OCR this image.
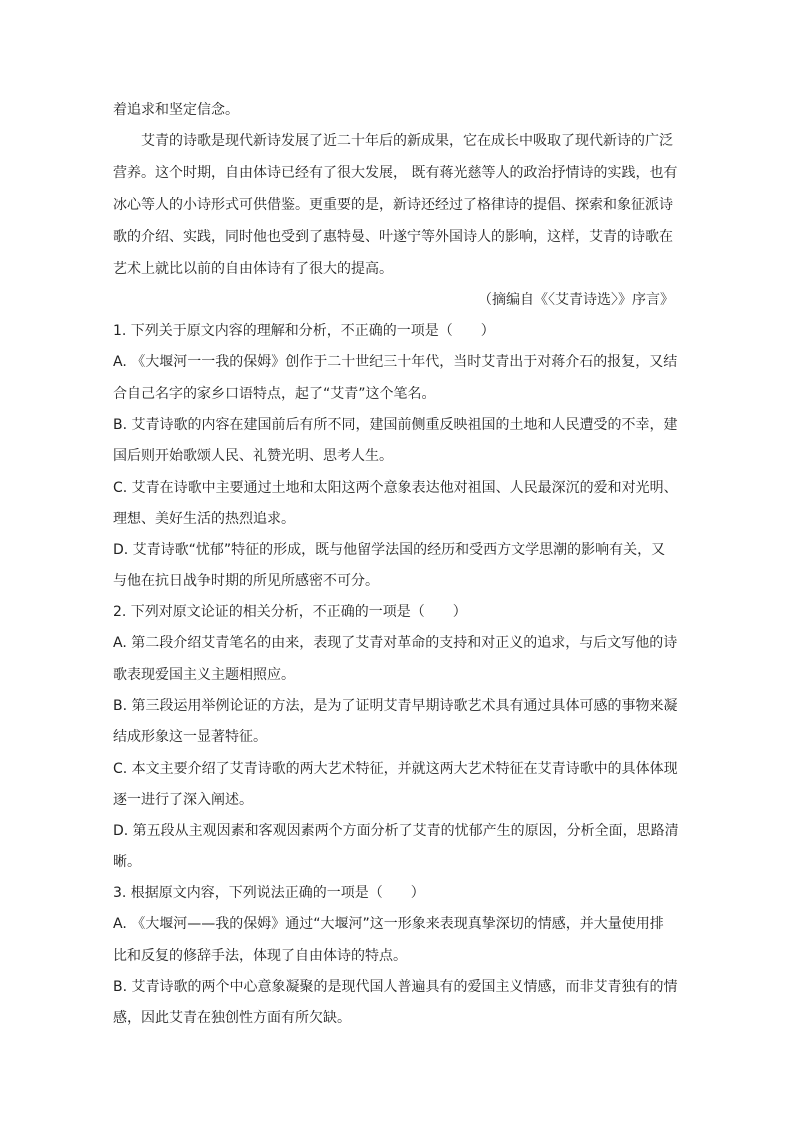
着追求和坚定信念。
艾青的诗歌是现代新诗发展了近二十年后的新成果，它在成长中吸取了现代新诗的广泛
营养。这个时期，自由体诗已经有了很大发展， 既有蒋光慈等人的政治抒情诗的实践，也有
冰心等人的小诗形式可供借鉴。更重要的是，新诗还经过了格律诗的提倡、探索和象征派诗
歌的介绍、实践，同时他也受到了惠特曼、叶遂宁等外国诗人的影响，这样，艾青的诗歌在
艺术上就比以前的自由体诗有了很大的提高。
（摘编自《〈艾青诗选〉》序言》
1. 下列关于原文内容的理解和分析，不正确的一项是（　　）
A. 《大堰河一一我的保姆》创作于二十世纪三十年代，当时艾青出于对蒋介石的报复，又结
合自己名字的家乡口语特点，起了“艾青”这个笔名。
B. 艾青诗歌的内容在建国前后有所不同，建国前侧重反映祖国的土地和人民遭受的不幸，建
国后则开始歌颂人民、礼赞光明、思考人生。
C. 艾青在诗歌中主要通过土地和太阳这两个意象表达他对祖国、人民最深沉的爱和对光明、
理想、美好生活的热烈追求。
D. 艾青诗歌“忧郁”特征的形成，既与他留学法国的经历和受西方文学思潮的影响有关，又
与他在抗日战争时期的所见所感密不可分。
2. 下列对原文论证的相关分析，不正确的一项是（　　）
A. 第二段介绍艾青笔名的由来，表现了艾青对革命的支持和对正义的追求，与后文写他的诗
歌表现爱国主义主题相照应。
B. 第三段运用举例论证的方法，是为了证明艾青早期诗歌艺术具有通过具体可感的事物来凝
结成形象这一显著特征。
C. 本文主要介绍了艾青诗歌的两大艺术特征，并就这两大艺术特征在艾青诗歌中的具体体现
逐一进行了深入阐述。
D. 第五段从主观因素和客观因素两个方面分析了艾青的忧郁产生的原因，分析全面，思路清
晰。
3. 根据原文内容，下列说法正确的一项是（　　）
A. 《大堰河——我的保姆》通过“大堰河”这一形象来表现真挚深切的情感，并大量使用排
比和反复的修辞手法，体现了自由体诗的特点。
B. 艾青诗歌的两个中心意象凝聚的是现代国人普遍具有的爱国主义情感，而非艾青独有的情
感，因此艾青在独创性方面有所欠缺。
